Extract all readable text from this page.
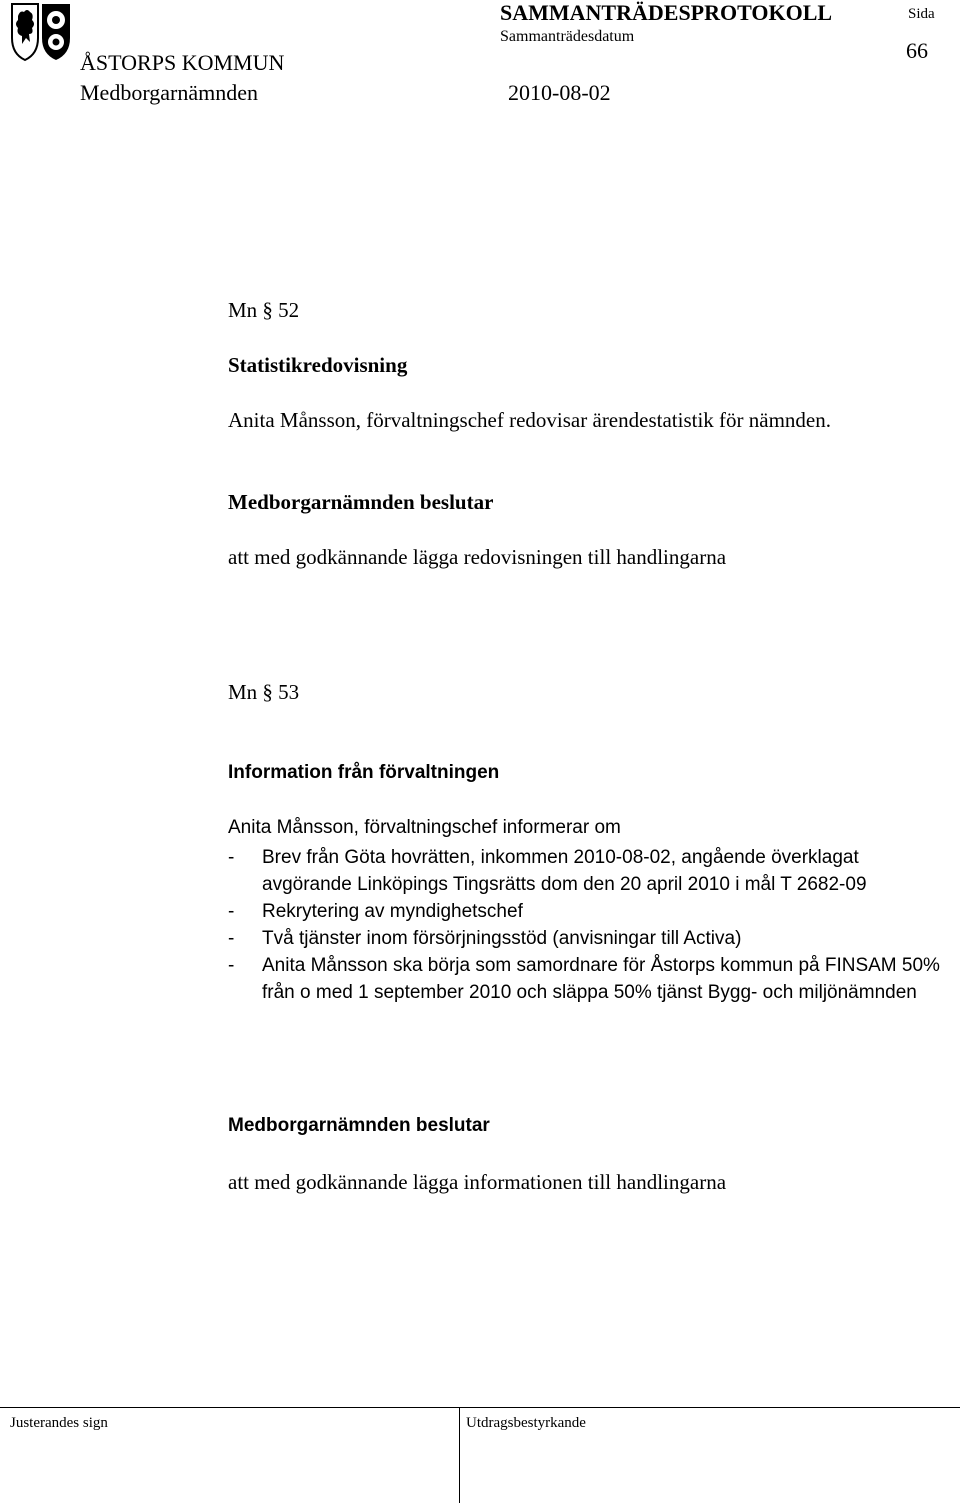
SAMMANTRÄDESPROTOKOLL	Sida
Sammanträdesdatum
66
ÅSTORPS KOMMUN
Medborgarnämnden	2010-08-02
Mn § 52
Statistikredovisning
Anita Månsson, förvaltningschef redovisar ärendestatistik för nämnden.
Medborgarnämnden beslutar
att med godkännande lägga redovisningen till handlingarna
Mn § 53
Information från förvaltningen
Anita Månsson, förvaltningschef informerar om
-	Brev från Göta hovrätten, inkommen 2010-08-02, angående överklagat avgörande Linköpings Tingsrätts dom den 20 april 2010 i mål T 2682-09
-	Rekrytering av myndighetschef
-	Två tjänster inom försörjningsstöd (anvisningar till Activa)
-	Anita Månsson ska börja som samordnare för Åstorps kommun på FINSAM 50% från o med 1 september 2010 och släppa 50% tjänst Bygg- och miljönämnden
Medborgarnämnden beslutar
att med godkännande lägga informationen till handlingarna
Justerandes sign	Utdragsbestyrkande
